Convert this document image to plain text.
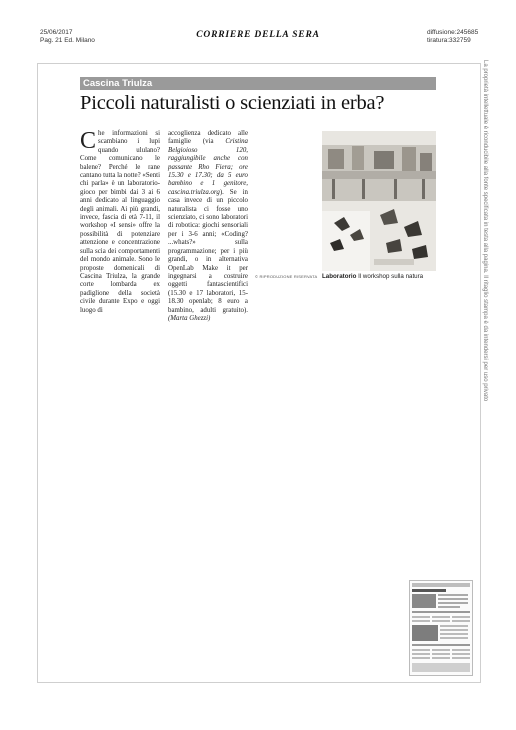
25/06/2017
Pag. 21 Ed. Milano
CORRIERE DELLA SERA	diffusione:245685
tiratura:332759
La proprietà intellettuale è riconducibile alla fonte specificata in testa alla pagina. Il ritaglio stampa è da intendersi per uso privato
Cascina Triulza
Piccoli naturalisti o scienziati in erba?
Che informazioni si scambiano i lupi quando ululano? Come comunicano le balene? Perché le rane cantano tutta la notte? «Senti chi parla» è un laboratorio-gioco per bimbi dai 3 ai 6 anni dedicato al linguaggio degli animali. Ai più grandi, invece, fascia di età 7-11, il workshop «I sensi» offre la possibilità di potenziare attenzione e concentrazione sulla scia dei comportamenti del mondo animale. Sono le proposte domenicali di Cascina Triulza, la grande corte lombarda ex padiglione della società civile durante Expo e oggi luogo di
accoglienza dedicato alle famiglie (via Cristina Belgioioso 120, raggiungibile anche con passante Rho Fiera; ore 15.30 e 17.30; da 5 euro bambino e 1 genitore, cascina.triulza.org). Se in casa invece di un piccolo naturalista ci fosse uno scienziato, ci sono laboratori di robotica: giochi sensoriali per i 3-6 anni; «Coding? ...whats?» sulla programmazione; per i più grandi, o in alternativa OpenLab Make it per ingegnarsi a costruire oggetti fantascientifici (15.30 e 17 laboratori, 15-18.30 openlab; 8 euro a bambino, adulti gratuito). (Marta Ghezzi)
© RIPRODUZIONE RISERVATA Laboratorio Il workshop sulla natura
